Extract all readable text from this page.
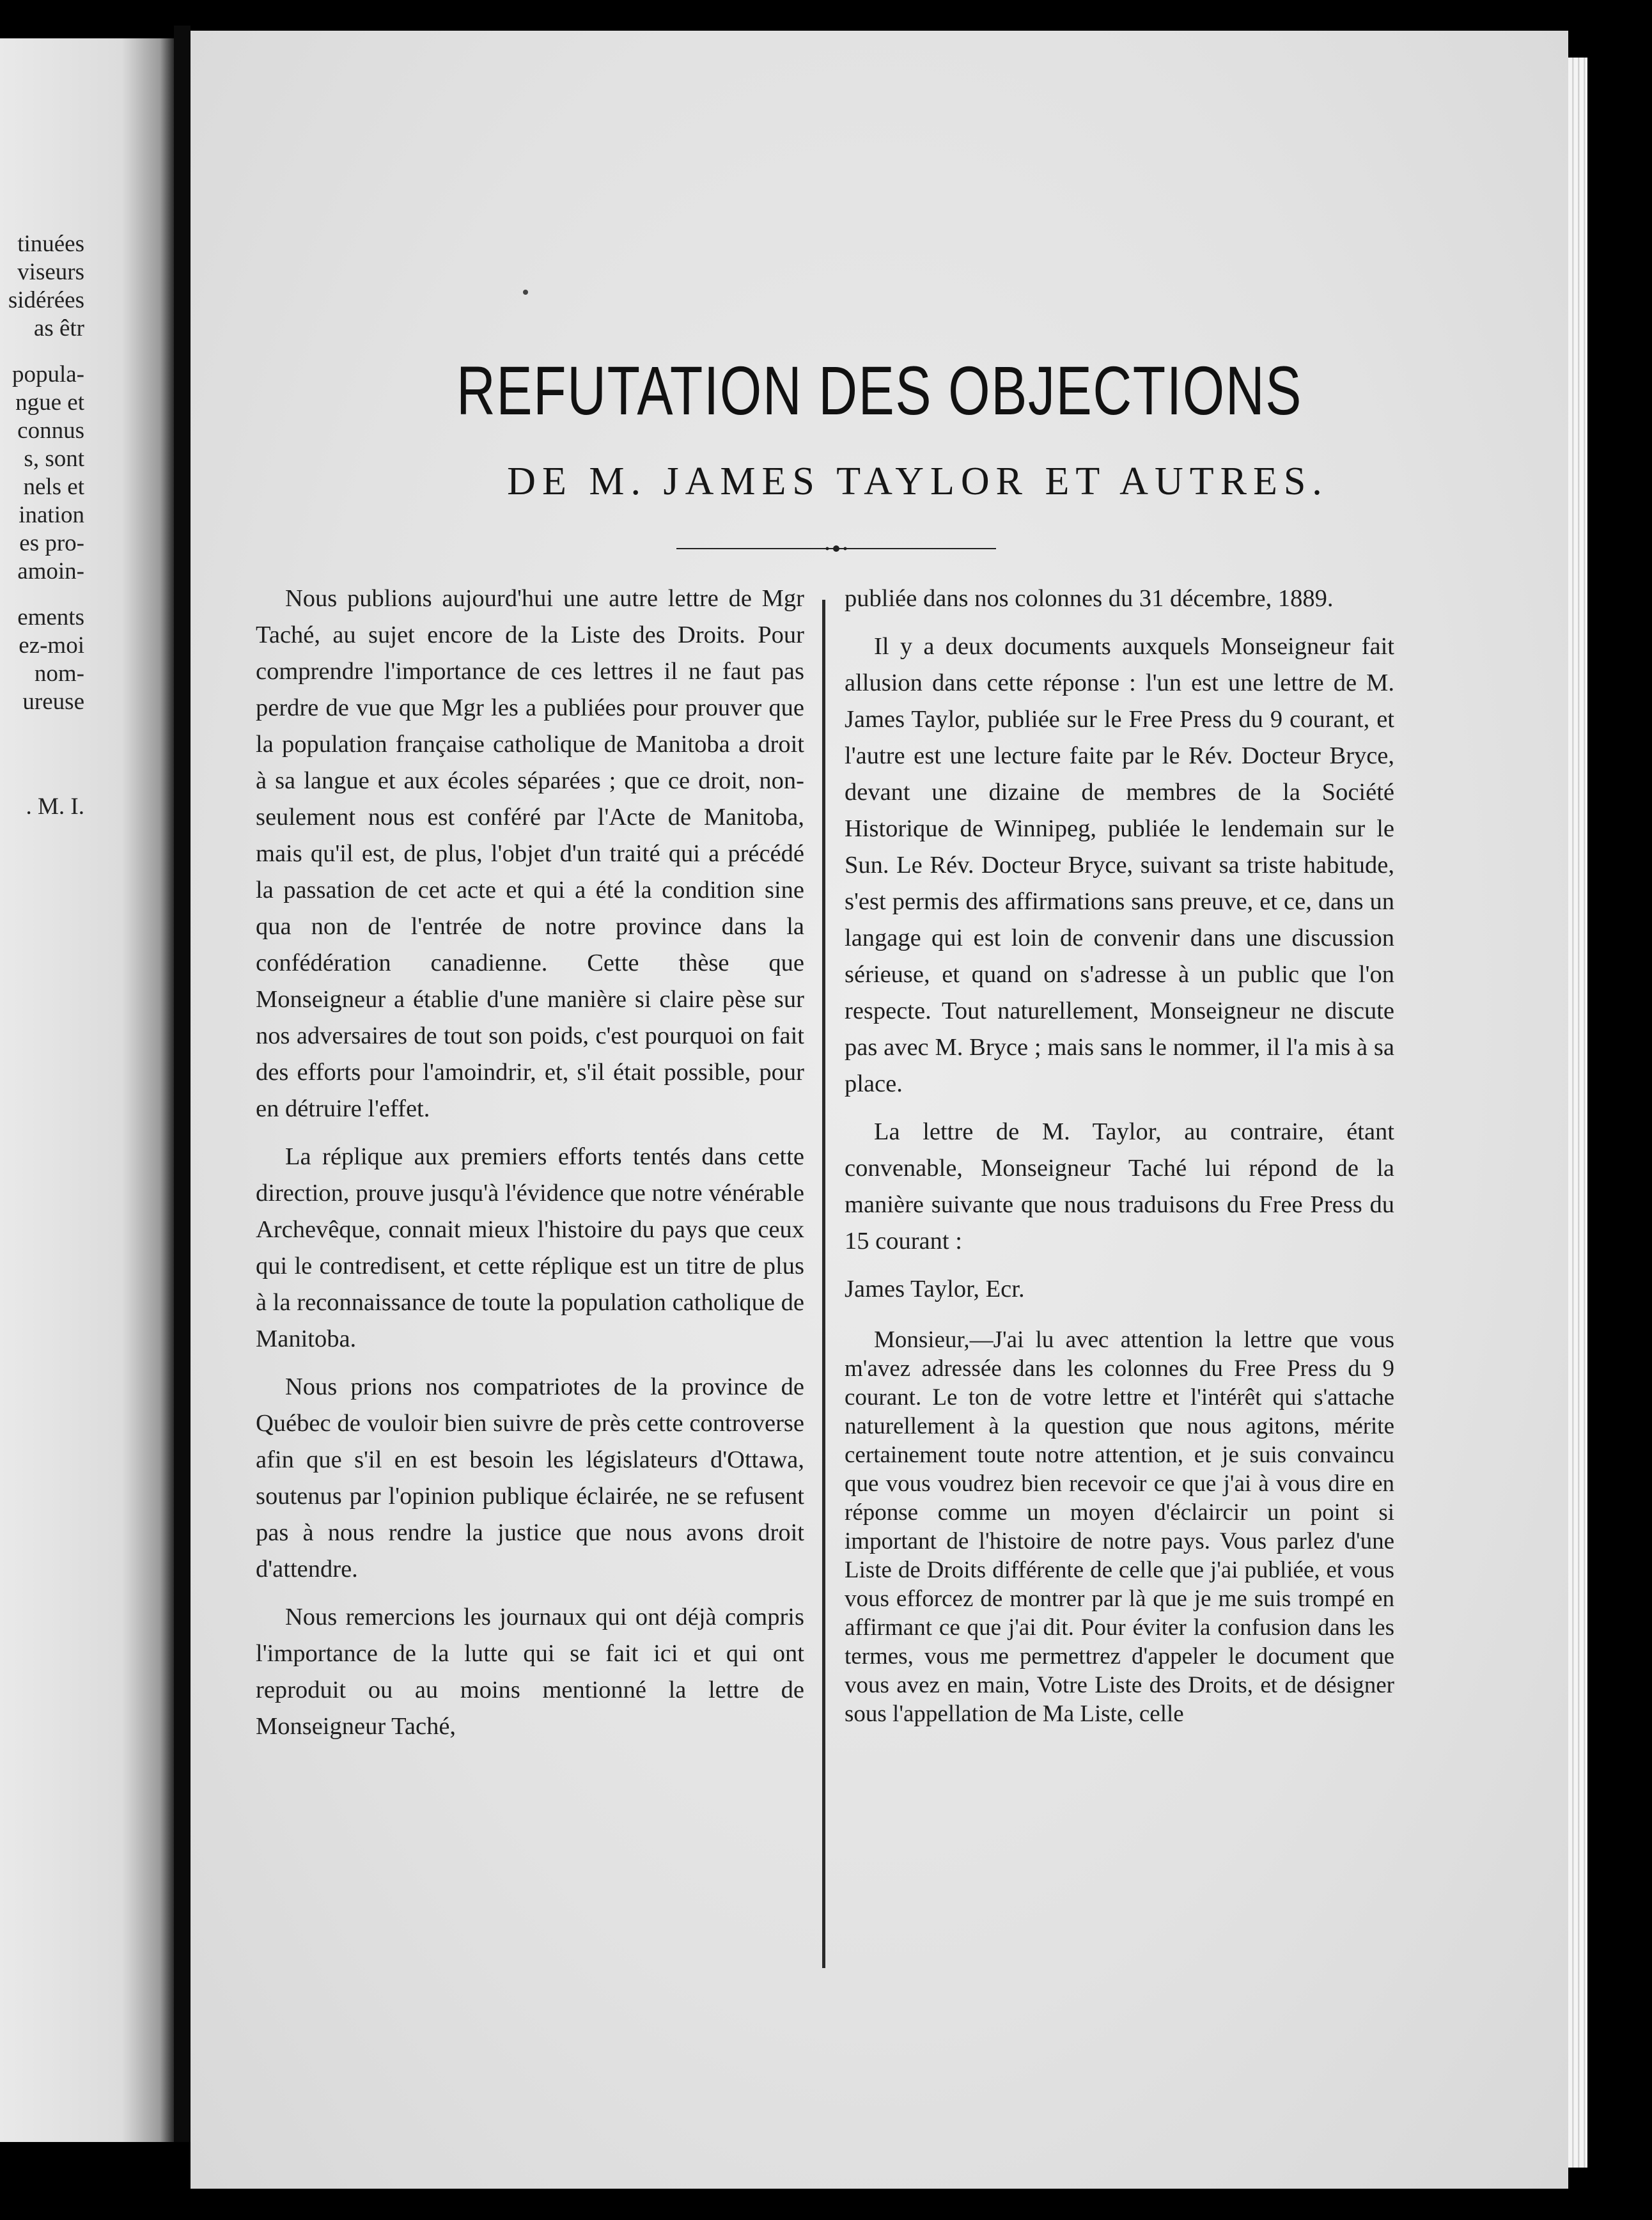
tinuées
viseurs
sidérées
as êtr
popula-
ngue et
connus
s, sont
nels et
ination
es pro-
amoin-
ements
ez-moi
nom-
ureuse
. M. I.
REFUTATION DES OBJECTIONS
DE M. JAMES TAYLOR ET AUTRES.

Nous publions aujourd'hui une autre lettre de Mgr Taché, au sujet encore de la Liste des Droits. Pour comprendre l'importance de ces lettres il ne faut pas perdre de vue que Mgr les a publiées pour prouver que la population française catholique de Manitoba a droit à sa langue et aux écoles séparées ; que ce droit, non-seulement nous est conféré par l'Acte de Manitoba, mais qu'il est, de plus, l'objet d'un traité qui a précédé la passation de cet acte et qui a été la condition sine qua non de l'entrée de notre province dans la confédération canadienne. Cette thèse que Monseigneur a établie d'une manière si claire pèse sur nos adversaires de tout son poids, c'est pourquoi on fait des efforts pour l'amoindrir, et, s'il était possible, pour en détruire l'effet.

La réplique aux premiers efforts tentés dans cette direction, prouve jusqu'à l'évidence que notre vénérable Archevêque, connait mieux l'histoire du pays que ceux qui le contredisent, et cette réplique est un titre de plus à la reconnaissance de toute la population catholique de Manitoba.

Nous prions nos compatriotes de la province de Québec de vouloir bien suivre de près cette controverse afin que s'il en est besoin les législateurs d'Ottawa, soutenus par l'opinion publique éclairée, ne se refusent pas à nous rendre la justice que nous avons droit d'attendre.

Nous remercions les journaux qui ont déjà compris l'importance de la lutte qui se fait ici et qui ont reproduit ou au moins mentionné la lettre de Monseigneur Taché,

publiée dans nos colonnes du 31 décembre, 1889.

Il y a deux documents auxquels Monseigneur fait allusion dans cette réponse : l'un est une lettre de M. James Taylor, publiée sur le Free Press du 9 courant, et l'autre est une lecture faite par le Rév. Docteur Bryce, devant une dizaine de membres de la Société Historique de Winnipeg, publiée le lendemain sur le Sun. Le Rév. Docteur Bryce, suivant sa triste habitude, s'est permis des affirmations sans preuve, et ce, dans un langage qui est loin de convenir dans une discussion sérieuse, et quand on s'adresse à un public que l'on respecte. Tout naturellement, Monseigneur ne discute pas avec M. Bryce ; mais sans le nommer, il l'a mis à sa place.

La lettre de M. Taylor, au contraire, étant convenable, Monseigneur Taché lui répond de la manière suivante que nous traduisons du Free Press du 15 courant :

James Taylor, Ecr.

Monsieur,—J'ai lu avec attention la lettre que vous m'avez adressée dans les colonnes du Free Press du 9 courant. Le ton de votre lettre et l'intérêt qui s'attache naturellement à la question que nous agitons, mérite certainement toute notre attention, et je suis convaincu que vous voudrez bien recevoir ce que j'ai à vous dire en réponse comme un moyen d'éclaircir un point si important de l'histoire de notre pays. Vous parlez d'une Liste de Droits différente de celle que j'ai publiée, et vous vous efforcez de montrer par là que je me suis trompé en affirmant ce que j'ai dit. Pour éviter la confusion dans les termes, vous me permettrez d'appeler le document que vous avez en main, Votre Liste des Droits, et de désigner sous l'appellation de Ma Liste, celle
